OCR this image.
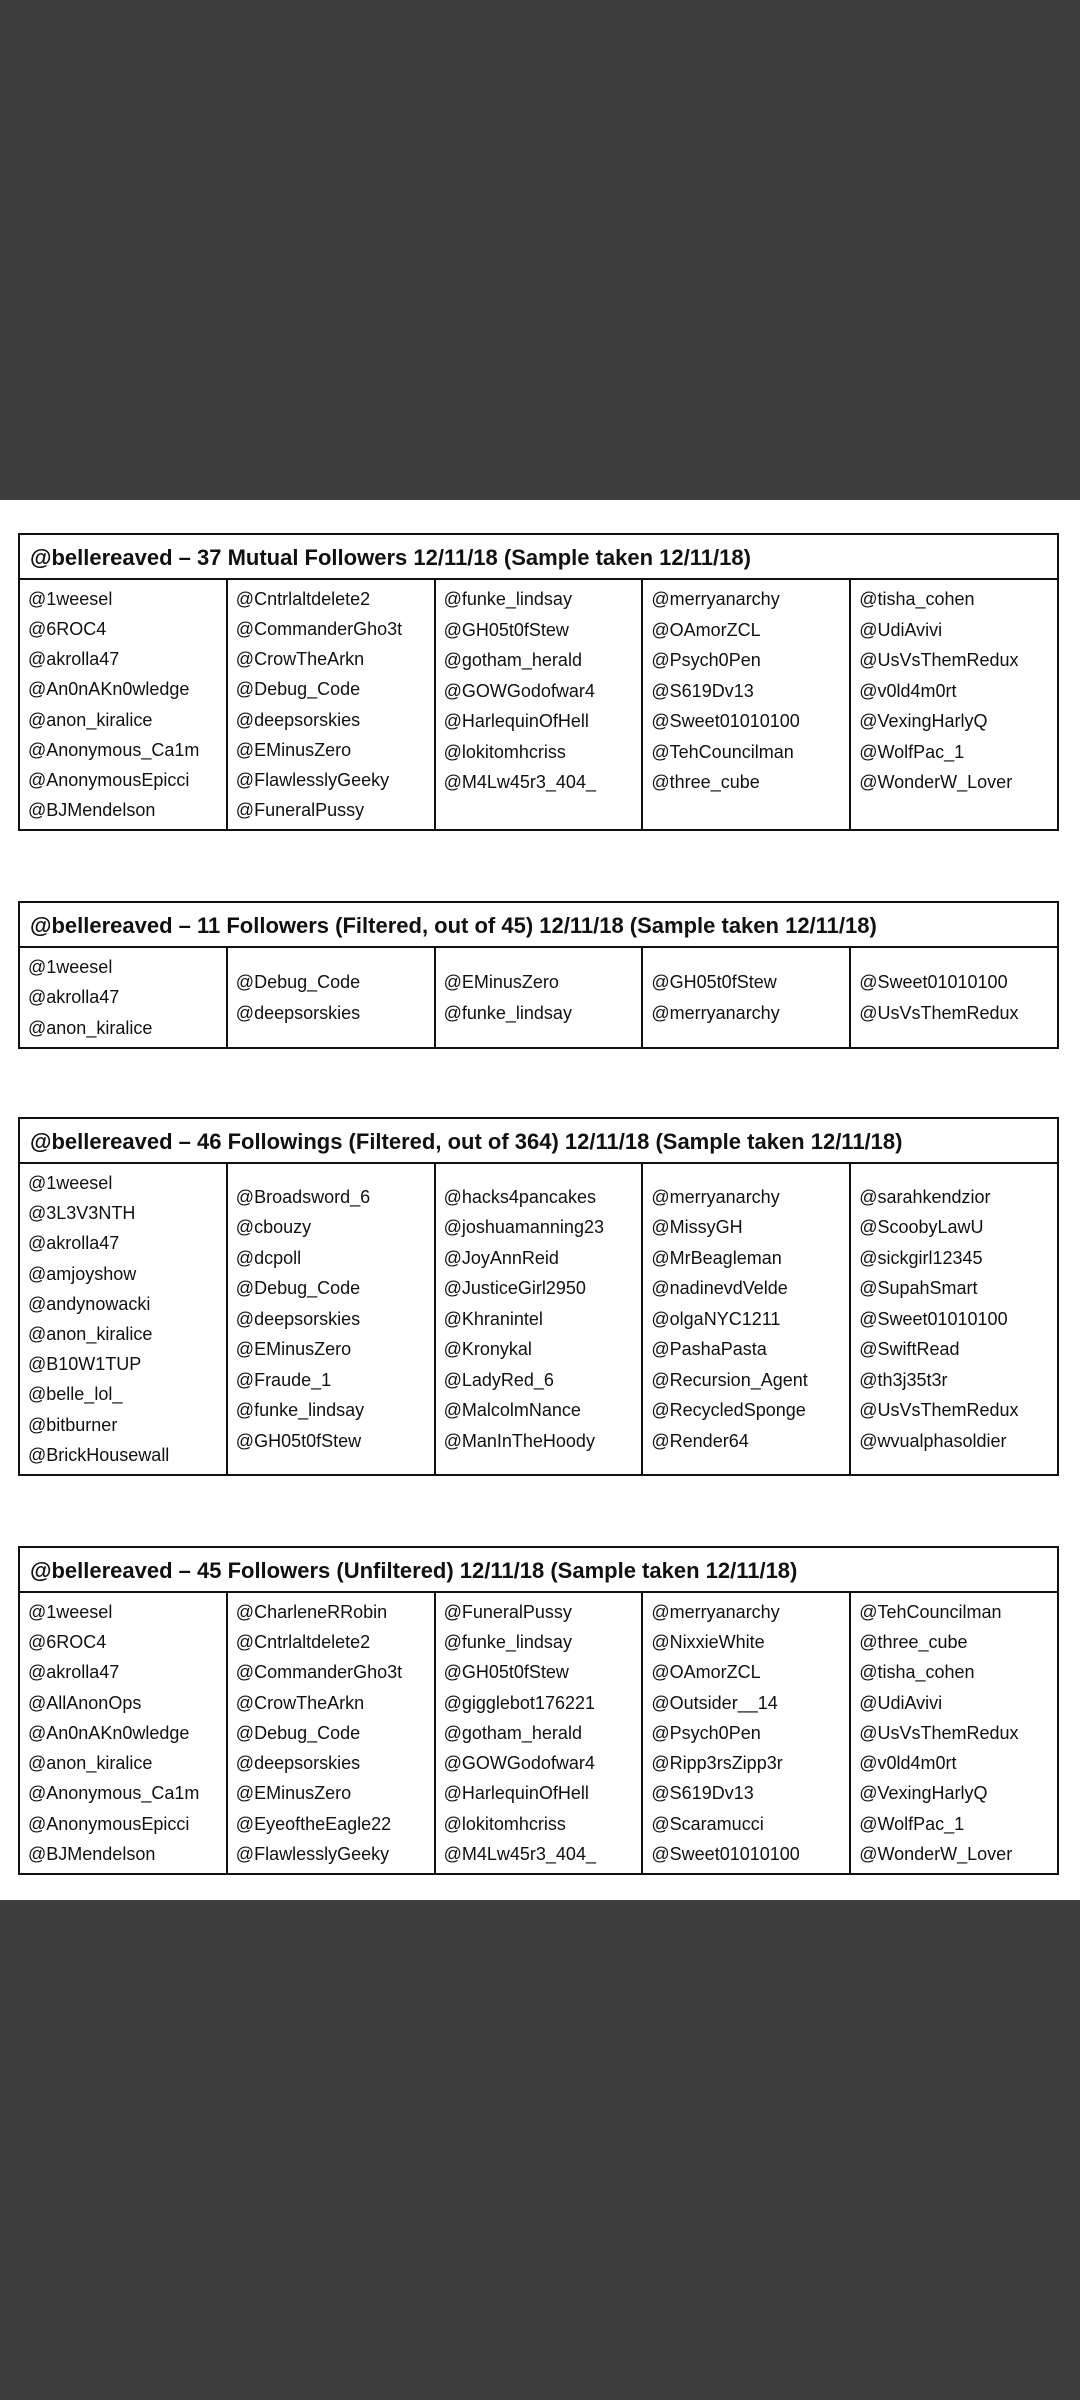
@bellereaved – 37 Mutual Followers 12/11/18 (Sample taken 12/11/18)
@1weesel
@6ROC4
@akrolla47
@An0nAKn0wledge
@anon_kiralice
@Anonymous_Ca1m
@AnonymousEpicci
@BJMendelson
@Cntrlaltdelete2
@CommanderGho3t
@CrowTheArkn
@Debug_Code
@deepsorskies
@EMinusZero
@FlawlesslyGeeky
@FuneralPussy
@funke_lindsay
@GH05t0fStew
@gotham_herald
@GOWGodofwar4
@HarlequinOfHell
@lokitomhcriss
@M4Lw45r3_404_
@merryanarchy
@OAmorZCL
@Psych0Pen
@S619Dv13
@Sweet01010100
@TehCouncilman
@three_cube
@tisha_cohen
@UdiAvivi
@UsVsThemRedux
@v0ld4m0rt
@VexingHarlyQ
@WolfPac_1
@WonderW_Lover
@bellereaved – 11 Followers (Filtered, out of 45) 12/11/18 (Sample taken 12/11/18)
@1weesel
@akrolla47
@anon_kiralice
@Debug_Code
@deepsorskies
@EMinusZero
@funke_lindsay
@GH05t0fStew
@merryanarchy
@Sweet01010100
@UsVsThemRedux
@bellereaved – 46 Followings (Filtered, out of 364) 12/11/18 (Sample taken 12/11/18)
@1weesel
@3L3V3NTH
@akrolla47
@amjoyshow
@andynowacki
@anon_kiralice
@B10W1TUP
@belle_lol_
@bitburner
@BrickHousewall
@Broadsword_6
@cbouzy
@dcpoll
@Debug_Code
@deepsorskies
@EMinusZero
@Fraude_1
@funke_lindsay
@GH05t0fStew
@hacks4pancakes
@joshuamanning23
@JoyAnnReid
@JusticeGirl2950
@Khranintel
@Kronykal
@LadyRed_6
@MalcolmNance
@ManInTheHoody
@merryanarchy
@MissyGH
@MrBeagleman
@nadinevdVelde
@olgaNYC1211
@PashaPasta
@Recursion_Agent
@RecycledSponge
@Render64
@sarahkendzior
@ScoobyLawU
@sickgirl12345
@SupahSmart
@Sweet01010100
@SwiftRead
@th3j35t3r
@UsVsThemRedux
@wvualphasoldier
@bellereaved – 45 Followers (Unfiltered) 12/11/18 (Sample taken 12/11/18)
@1weesel
@6ROC4
@akrolla47
@AllAnonOps
@An0nAKn0wledge
@anon_kiralice
@Anonymous_Ca1m
@AnonymousEpicci
@BJMendelson
@CharleneRRobin
@Cntrlaltdelete2
@CommanderGho3t
@CrowTheArkn
@Debug_Code
@deepsorskies
@EMinusZero
@EyeoftheEagle22
@FlawlesslyGeeky
@FuneralPussy
@funke_lindsay
@GH05t0fStew
@gigglebot176221
@gotham_herald
@GOWGodofwar4
@HarlequinOfHell
@lokitomhcriss
@M4Lw45r3_404_
@merryanarchy
@NixxieWhite
@OAmorZCL
@Outsider__14
@Psych0Pen
@Ripp3rsZipp3r
@S619Dv13
@Scaramucci
@Sweet01010100
@TehCouncilman
@three_cube
@tisha_cohen
@UdiAvivi
@UsVsThemRedux
@v0ld4m0rt
@VexingHarlyQ
@WolfPac_1
@WonderW_Lover
